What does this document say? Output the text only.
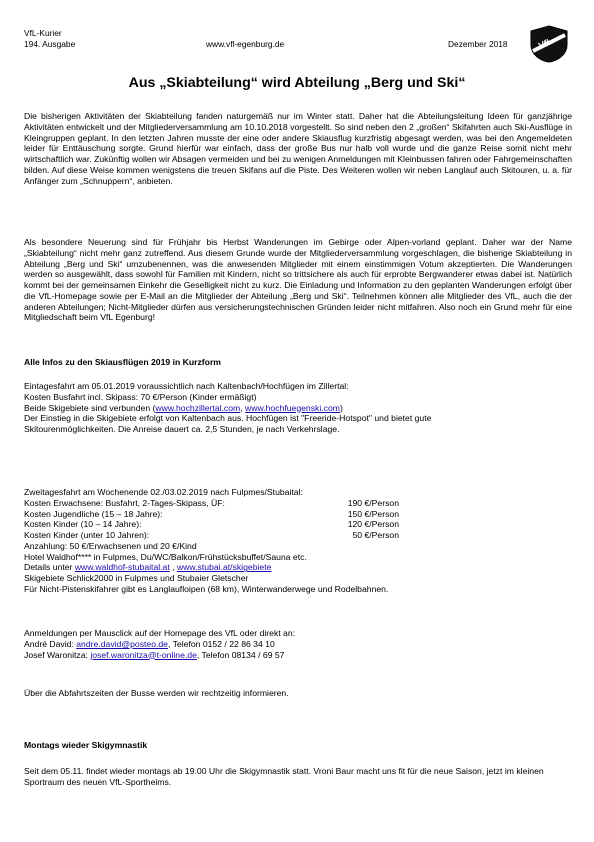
VfL-Kurier
194. Ausgabe	www.vfl-egenburg.de	Dezember 2018	VfL
Aus „Skiabteilung“ wird Abteilung „Berg und Ski“
Die bisherigen Aktivitäten der Skiabteilung fanden naturgemäß nur im Winter statt. Daher hat die Abteilungsleitung Ideen für ganzjährige Aktivitäten entwickelt und der Mitgliederversammlung am 10.10.2018 vorgestellt. So sind neben den 2 „großen“ Skifahrten auch Ski-Ausflüge in Kleingruppen geplant. In den letzten Jahren musste der eine oder andere Skiausflug kurzfristig abgesagt werden, was bei den Angemeldeten leider für Enttäuschung sorgte. Grund hierfür war einfach, dass der große Bus nur halb voll wurde und die ganze Reise somit nicht mehr wirtschaftlich war. Zukünftig wollen wir Absagen vermeiden und bei zu wenigen Anmeldungen mit Kleinbussen fahren oder Fahrgemeinschaften bilden. Auf diese Weise kommen wenigstens die treuen Skifans auf die Piste. Des Weiteren wollen wir neben Langlauf auch Skitouren, u. a. für Anfänger zum „Schnuppern“, anbieten.
Als besondere Neuerung sind für Frühjahr bis Herbst Wanderungen im Gebirge oder Alpen-vorland geplant. Daher war der Name „Skiabteilung“ nicht mehr ganz zutreffend. Aus diesem Grunde wurde der Mitgliederversammlung vorgeschlagen, die bisherige Skiabteilung in Abteilung „Berg und Ski“ umzubenennen, was die anwesenden Mitglieder mit einem einstimmigen Votum akzeptierten. Die Wanderungen werden so ausgewählt, dass sowohl für Familien mit Kindern, nicht so trittsichere als auch für erprobte Bergwanderer etwas dabei ist. Natürlich kommt bei der gemeinsamen Einkehr die Geselligkeit nicht zu kurz. Die Einladung und Information zu den geplanten Wanderungen erfolgt über die VfL-Homepage sowie per E-Mail an die Mitglieder der Abteilung „Berg und Ski“. Teilnehmen können alle Mitglieder des VfL, auch die der anderen Abteilungen; Nicht-Mitglieder dürfen aus versicherungstechnischen Gründen leider nicht mitfahren. Also noch ein Grund mehr für eine Mitgliedschaft beim VfL Egenburg!
Alle Infos zu den Skiausflügen 2019 in Kurzform
Eintagesfahrt am 05.01.2019 voraussichtlich nach Kaltenbach/Hochfügen im Zillertal:
Kosten Busfahrt incl. Skipass: 70 €/Person (Kinder ermäßigt)
Beide Skigebiete sind verbunden (www.hochzillertal.com, www.hochfuegenski.com)
Der Einstieg in die Skigebiete erfolgt von Kaltenbach aus. Hochfügen ist "Freeride-Hotspot" und bietet gute
Skitourenmöglichkeiten. Die Anreise dauert ca. 2,5 Stunden, je nach Verkehrslage.
Zweitagesfahrt am Wochenende 02./03.02.2019 nach Fulpmes/Stubaital:
Kosten Erwachsene: Busfahrt, 2-Tages-Skipass, ÜF:	190 €/Person
Kosten Jugendliche (15 – 18 Jahre):	150 €/Person
Kosten Kinder (10 – 14 Jahre):	120 €/Person
Kosten Kinder (unter 10 Jahren):	50 €/Person
Anzahlung: 50 €/Erwachsenen und 20 €/Kind
Hotel Waldhof**** in Fulpmes, Du/WC/Balkon/Frühstücksbuffet/Sauna etc.
Details unter www.waldhof-stubaital.at , www.stubai.at/skigebiete
Skigebiete Schlick2000 in Fulpmes und Stubaier Gletscher
Für Nicht-Pistenskifahrer gibt es Langlaufloipen (68 km), Winterwanderwege und Rodelbahnen.
Anmeldungen per Mausclick auf der Homepage des VfL oder direkt an:
André David: andre.david@posteo.de, Telefon 0152 / 22 86 34 10
Josef Waronitza: josef.waronitza@t-online.de, Telefon 08134 / 69 57
Über die Abfahrtszeiten der Busse werden wir rechtzeitig informieren.
Montags wieder Skigymnastik
Seit dem 05.11. findet wieder montags ab 19.00 Uhr die Skigymnastik statt. Vroni Baur macht uns fit für die neue Saison, jetzt im kleinen Sportraum des neuen VfL-Sportheims.
